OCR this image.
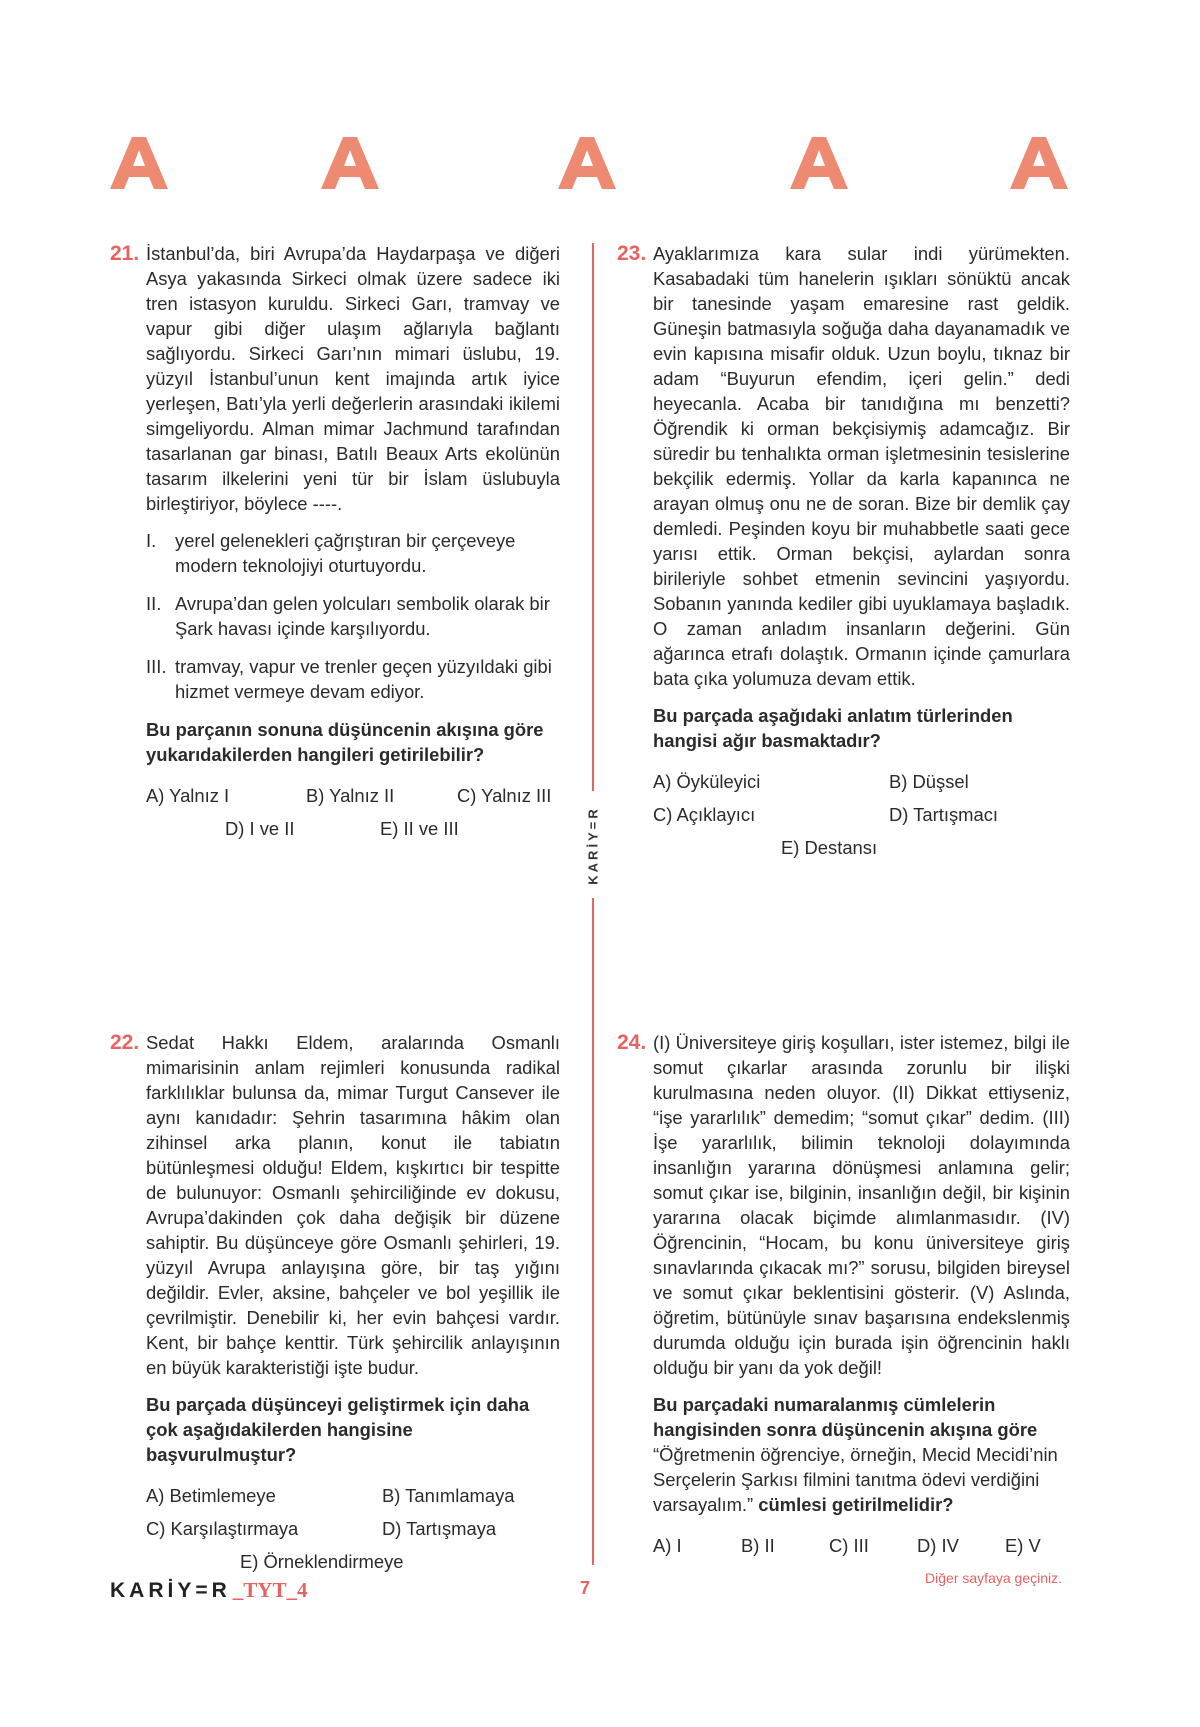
KARİY=R
21. İstanbul’da, biri Avrupa’da Haydarpaşa ve diğeri Asya yakasında Sirkeci olmak üzere sadece iki tren istasyon kuruldu. Sirkeci Garı, tramvay ve vapur gibi diğer ulaşım ağlarıyla bağlantı sağlıyordu. Sirkeci Garı’nın mimari üslubu, 19. yüzyıl İstanbul’unun kent imajında artık iyice yerleşen, Batı’yla yerli değerlerin arasındaki ikilemi simgeliyordu. Alman mimar Jachmund tarafından tasarlanan gar binası, Batılı Beaux Arts ekolünün tasarım ilkelerini yeni tür bir İslam üslubuyla birleştiriyor, böylece ----.

I.	yerel gelenekleri çağrıştıran bir çerçeveye modern teknolojiyi oturtuyordu.
II. Avrupa’dan gelen yolcuları sembolik olarak bir Şark havası içinde karşılıyordu.
III. tramvay, vapur ve trenler geçen yüzyıldaki gibi hizmet vermeye devam ediyor.

Bu parçanın sonuna düşüncenin akışına göre yukarıdakilerden hangileri getirilebilir?

A) Yalnız I	B) Yalnız II	C) Yalnız III
D) I ve II	E) II ve III
22. Sedat Hakkı Eldem, aralarında Osmanlı mimarisinin anlam rejimleri konusunda radikal farklılıklar bulunsa da, mimar Turgut Cansever ile aynı kanıdadır: Şehrin tasarımına hâkim olan zihinsel arka planın, konut ile tabiatın bütünleşmesi olduğu! Eldem, kışkırtıcı bir tespitte de bulunuyor: Osmanlı şehirciliğinde ev dokusu, Avrupa’dakinden çok daha değişik bir düzene sahiptir. Bu düşünceye göre Osmanlı şehirleri, 19. yüzyıl Avrupa anlayışına göre, bir taş yığını değildir. Evler, aksine, bahçeler ve bol yeşillik ile çevrilmiştir. Denebilir ki, her evin bahçesi vardır. Kent, bir bahçe kenttir. Türk şehircilik anlayışının en büyük karakteristiği işte budur.

Bu parçada düşünceyi geliştirmek için daha çok aşağıdakilerden hangisine başvurulmuştur?

A) Betimlemeye	B) Tanımlamaya
C) Karşılaştırmaya	D) Tartışmaya
E) Örneklendirmeye
23. Ayaklarımıza kara sular indi yürümekten. Kasabadaki tüm hanelerin ışıkları sönüktü ancak bir tanesinde yaşam emaresine rast geldik. Güneşin batmasıyla soğuğa daha dayanamadık ve evin kapısına misafir olduk. Uzun boylu, tıknaz bir adam “Buyurun efendim, içeri gelin.” dedi heyecanla. Acaba bir tanıdığına mı benzetti? Öğrendik ki orman bekçisiymiş adamcağız. Bir süredir bu tenhalıkta orman işletmesinin tesislerine bekçilik edermiş. Yollar da karla kapanınca ne arayan olmuş onu ne de soran. Bize bir demlik çay demledi. Peşinden koyu bir muhabbetle saati gece yarısı ettik. Orman bekçisi, aylardan sonra birileriyle sohbet etmenin sevincini yaşıyordu. Sobanın yanında kediler gibi uyuklamaya başladık. O zaman anladım insanların değerini. Gün ağarınca etrafı dolaştık. Ormanın içinde çamurlara bata çıka yolumuza devam ettik.

Bu parçada aşağıdaki anlatım türlerinden hangisi ağır basmaktadır?

A) Öyküleyici	B) Düşsel
C) Açıklayıcı	D) Tartışmacı
E) Destansı
24. (I) Üniversiteye giriş koşulları, ister istemez, bilgi ile somut çıkarlar arasında zorunlu bir ilişki kurulmasına neden oluyor. (II) Dikkat ettiyseniz, “işe yararlılık” demedim; “somut çıkar” dedim. (III) İşe yararlılık, bilimin teknoloji dolayımında insanlığın yararına dönüşmesi anlamına gelir; somut çıkar ise, bilginin, insanlığın değil, bir kişinin yararına olacak biçimde alımlanmasıdır. (IV) Öğrencinin, “Hocam, bu konu üniversiteye giriş sınavlarında çıkacak mı?” sorusu, bilgiden bireysel ve somut çıkar beklentisini gösterir. (V) Aslında, öğretim, bütünüyle sınav başarısına endekslenmiş durumda olduğu için burada işin öğrencinin haklı olduğu bir yanı da yok değil!

Bu parçadaki numaralanmış cümlelerin hangisinden sonra düşüncenin akışına göre “Öğretmenin öğrenciye, örneğin, Mecid Mecidi’nin Serçelerin Şarkısı filmini tanıtma ödevi verdiğini varsayalım.” cümlesi getirilmelidir?

A) I	B) II	C) III	D) IV	E) V
KARİY=R_TYT_4	7	Diğer sayfaya geçiniz.
